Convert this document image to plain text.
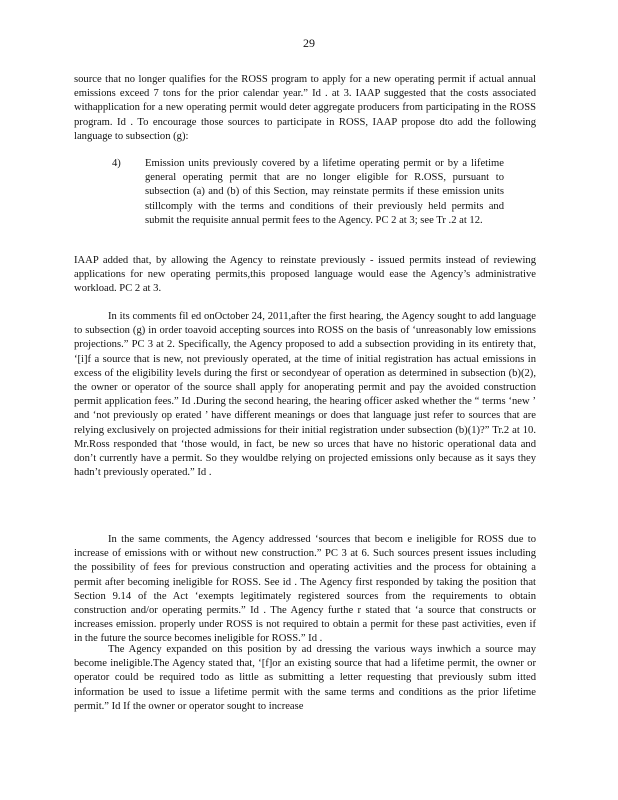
29

source that no longer qualifies for the ROSS program to apply for a new operating permit if actual annual emissions exceed 7 tons for the prior calendar year.” Id . at 3. IAAP suggested that the costs associated withapplication for a new operating permit would deter aggregate producers from participating in the ROSS program. Id . To encourage those sources to participate in ROSS, IAAP propose dto add the following language to subsection (g):

4) Emission units previously covered by a lifetime operating permit or by a lifetime general operating permit that are no longer eligible for R.OSS, pursuant to subsection (a) and (b) of this Section, may reinstate permits if these emission units stillcomply with the terms and conditions of their previously held permits and submit the requisite annual permit fees to the Agency. PC 2 at 3; see Tr .2 at 12.

IAAP added that, by allowing the Agency to reinstate previously - issued permits instead of reviewing applications for new operating permits,this proposed language would ease the Agency’s administrative workload. PC 2 at 3.

In its comments fil ed onOctober 24, 2011,after the first hearing, the Agency sought to add language to subsection (g) in order toavoid accepting sources into ROSS on the basis of ‘unreasonably low emissions projections.” PC 3 at 2. Specifically, the Agency proposed to add a subsection providing in its entirety that, ‘[i]f a source that is new, not previously operated, at the time of initial registration has actual emissions in excess of the eligibility levels during the first or secondyear of operation as determined in subsection (b)(2), the owner or operator of the source shall apply for anoperating permit and pay the avoided construction permit application fees.” Id .During the second hearing, the hearing officer asked whether the “ terms ‘new ’ and ‘not previously op erated ’ have different meanings or does that language just refer to sources that are relying exclusively on projected admissions for their initial registration under subsection (b)(1)?” Tr.2 at 10. Mr.Ross responded that ‘those would, in fact, be new so urces that have no historic operational data and don’t currently have a permit. So they wouldbe relying on projected emissions only because as it says they hadn’t previously operated.” Id .

In the same comments, the Agency addressed ‘sources that becom e ineligible for ROSS due to increase of emissions with or without new construction.” PC 3 at 6. Such sources present issues including the possibility of fees for previous construction and operating activities and the process for obtaining a permit after becoming ineligible for ROSS. See id . The Agency first responded by taking the position that Section 9.14 of the Act ‘exempts legitimately registered sources from the requirements to obtain construction and/or operating permits.” Id . The Agency furthe r stated that ‘a source that constructs or increases emission. properly under ROSS is not required to obtain a permit for these past activities, even if in the future the source becomes ineligible for ROSS.” Id .

The Agency expanded on this position by ad dressing the various ways inwhich a source may become ineligible.The Agency stated that, ‘[f]or an existing source that had a lifetime permit, the owner or operator could be required todo as little as submitting a letter requesting that previously subm itted information be used to issue a lifetime permit with the same terms and conditions as the prior lifetime permit.” Id If the owner or operator sought to increase
